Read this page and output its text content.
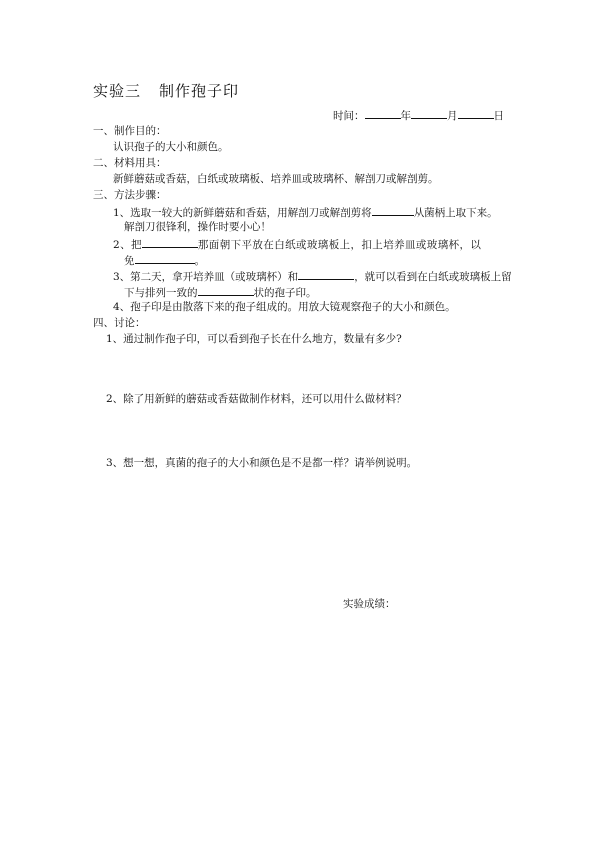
实验三 制作孢子印
时间：	年	月	日
一、制作目的：
认识孢子的大小和颜色。
二、材料用具：
新鲜蘑菇或香菇，白纸或玻璃板、培养皿或玻璃杯、解剖刀或解剖剪。
三、方法步骤：
1、选取一较大的新鲜蘑菇和香菇，用解剖刀或解剖剪将	从菌柄上取下来。
解剖刀很锋利，操作时要小心！
2、把	那面朝下平放在白纸或玻璃板上，扣上培养皿或玻璃杯，以
免	。
3、第二天，拿开培养皿（或玻璃杯）和	，就可以看到在白纸或玻璃板上留
下与排列一致的	状的孢子印。
4、孢子印是由散落下来的孢子组成的。用放大镜观察孢子的大小和颜色。
四、讨论：
1、通过制作孢子印，可以看到孢子长在什么地方，数量有多少?
2、除了用新鲜的蘑菇或香菇做制作材料，还可以用什么做材料？
3、想一想，真菌的孢子的大小和颜色是不是都一样？请举例说明。
实验成绩：
